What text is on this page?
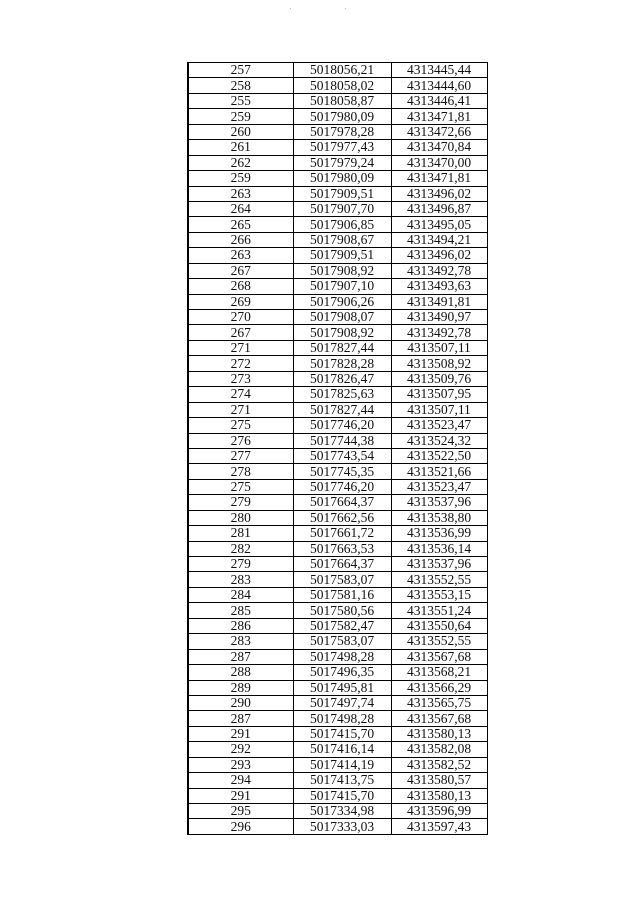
257	5018056,21	4313445,44
258	5018058,02	4313444,60
255	5018058,87	4313446,41
259	5017980,09	4313471,81
260	5017978,28	4313472,66
261	5017977,43	4313470,84
262	5017979,24	4313470,00
259	5017980,09	4313471,81
263	5017909,51	4313496,02
264	5017907,70	4313496,87
265	5017906,85	4313495,05
266	5017908,67	4313494,21
263	5017909,51	4313496,02
267	5017908,92	4313492,78
268	5017907,10	4313493,63
269	5017906,26	4313491,81
270	5017908,07	4313490,97
267	5017908,92	4313492,78
271	5017827,44	4313507,11
272	5017828,28	4313508,92
273	5017826,47	4313509,76
274	5017825,63	4313507,95
271	5017827,44	4313507,11
275	5017746,20	4313523,47
276	5017744,38	4313524,32
277	5017743,54	4313522,50
278	5017745,35	4313521,66
275	5017746,20	4313523,47
279	5017664,37	4313537,96
280	5017662,56	4313538,80
281	5017661,72	4313536,99
282	5017663,53	4313536,14
279	5017664,37	4313537,96
283	5017583,07	4313552,55
284	5017581,16	4313553,15
285	5017580,56	4313551,24
286	5017582,47	4313550,64
283	5017583,07	4313552,55
287	5017498,28	4313567,68
288	5017496,35	4313568,21
289	5017495,81	4313566,29
290	5017497,74	4313565,75
287	5017498,28	4313567,68
291	5017415,70	4313580,13
292	5017416,14	4313582,08
293	5017414,19	4313582,52
294	5017413,75	4313580,57
291	5017415,70	4313580,13
295	5017334,98	4313596,99
296	5017333,03	4313597,43
